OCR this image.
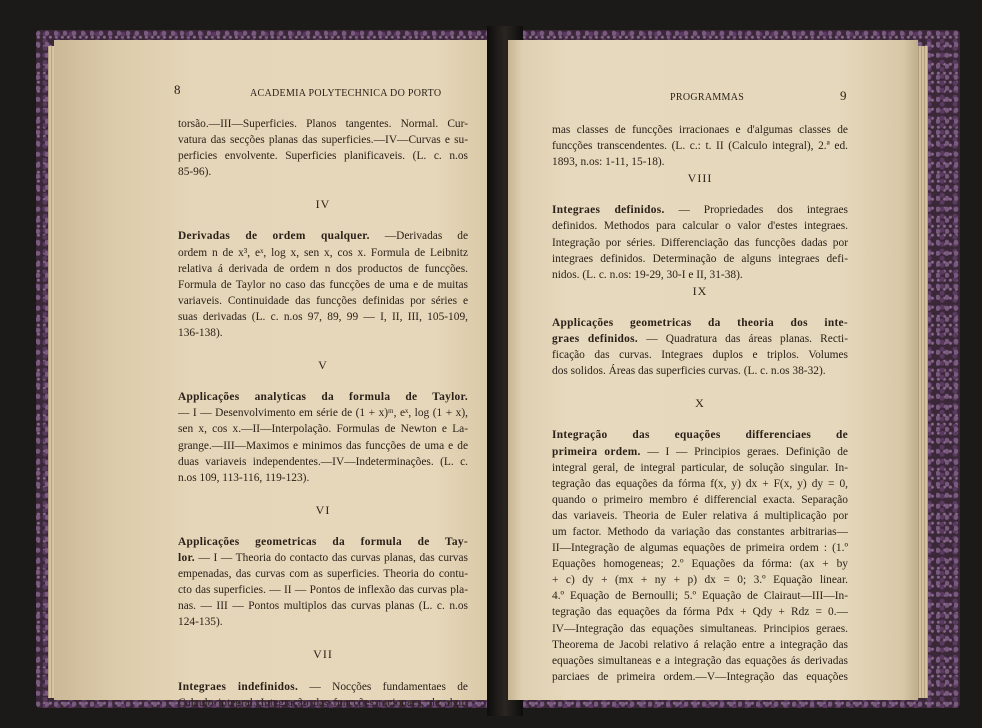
8	ACADEMIA POLYTECHNICA DO PORTO
torsão.—III—Superficies. Planos tangentes. Normal. Cur-
vatura das secções planas das superficies.—IV—Curvas e su-
perficies envolvente. Superficies planificaveis. (L. c. n.os
85-96).
IV
Derivadas de ordem qualquer. —Derivadas de
ordem n de x³, eˣ, log x, sen x, cos x. Formula de Leibnitz
relativa á derivada de ordem n dos productos de funcções.
Formula de Taylor no caso das funcções de uma e de muitas
variaveis. Continuidade das funcções definidas por séries e
suas derivadas (L. c. n.os 97, 89, 99 — I, II, III, 105-109,
136-138).
V
Applicações analyticas da formula de Taylor.
— I — Desenvolvimento em série de (1 + x)ᵐ, eˣ, log (1 + x),
sen x, cos x.—II—Interpolação. Formulas de Newton e La-
grange.—III—Maximos e minimos das funcções de uma e de
duas variaveis independentes.—IV—Indeterminações. (L. c.
n.os 109, 113-116, 119-123).
VI
Applicações geometricas da formula de Tay-
lor. — I — Theoria do contacto das curvas planas, das curvas
empenadas, das curvas com as superficies. Theoria do contu-
cto das superficies. — II — Pontos de inflexão das curvas pla-
nas. — III — Pontos multiplos das curvas planas (L. c. n.os
124-135).
VII
Integraes indefinidos. — Nocções fundamentaes de
Calculo integral. Integração das funcções racionaes, de algu-
PROGRAMMAS	9
mas classes de funcções irracionaes e d'algumas classes de
funcções transcendentes. (L. c.: t. II (Calculo integral), 2.ª ed.
1893, n.os: 1-11, 15-18).
VIII
Integraes definidos. — Propriedades dos integraes
definidos. Methodos para calcular o valor d'estes integraes.
Integração por séries. Differenciação das funcções dadas por
integraes definidos. Determinação de alguns integraes defi-
nidos. (L. c. n.os: 19-29, 30-I e II, 31-38).
IX
Applicações geometricas da theoria dos inte-
graes definidos. — Quadratura das áreas planas. Recti-
ficação das curvas. Integraes duplos e triplos. Volumes
dos solidos. Áreas das superficies curvas. (L. c. n.os 38-32).
X
Integração das equações differenciaes de
primeira ordem. — I — Principios geraes. Definição de
integral geral, de integral particular, de solução singular. In-
tegração das equações da fórma f(x, y) dx + F(x, y) dy = 0,
quando o primeiro membro é differencial exacta. Separação
das variaveis. Theoria de Euler relativa á multiplicação por
um factor. Methodo da variação das constantes arbitrarias—
II—Integração de algumas equações de primeira ordem : (1.º
Equações homogeneas; 2.º Equações da fórma: (ax + by
+ c) dy + (mx + ny + p) dx = 0; 3.º Equação linear.
4.º Equação de Bernoulli; 5.º Equação de Clairaut—III—In-
tegração das equações da fórma Pdx + Qdy + Rdz = 0.—
IV—Integração das equações simultaneas. Principios geraes.
Theorema de Jacobi relativo á relação entre a integração das
equações simultaneas e a integração das equações ás derivadas
parciaes de primeira ordem.—V—Integração das equações
